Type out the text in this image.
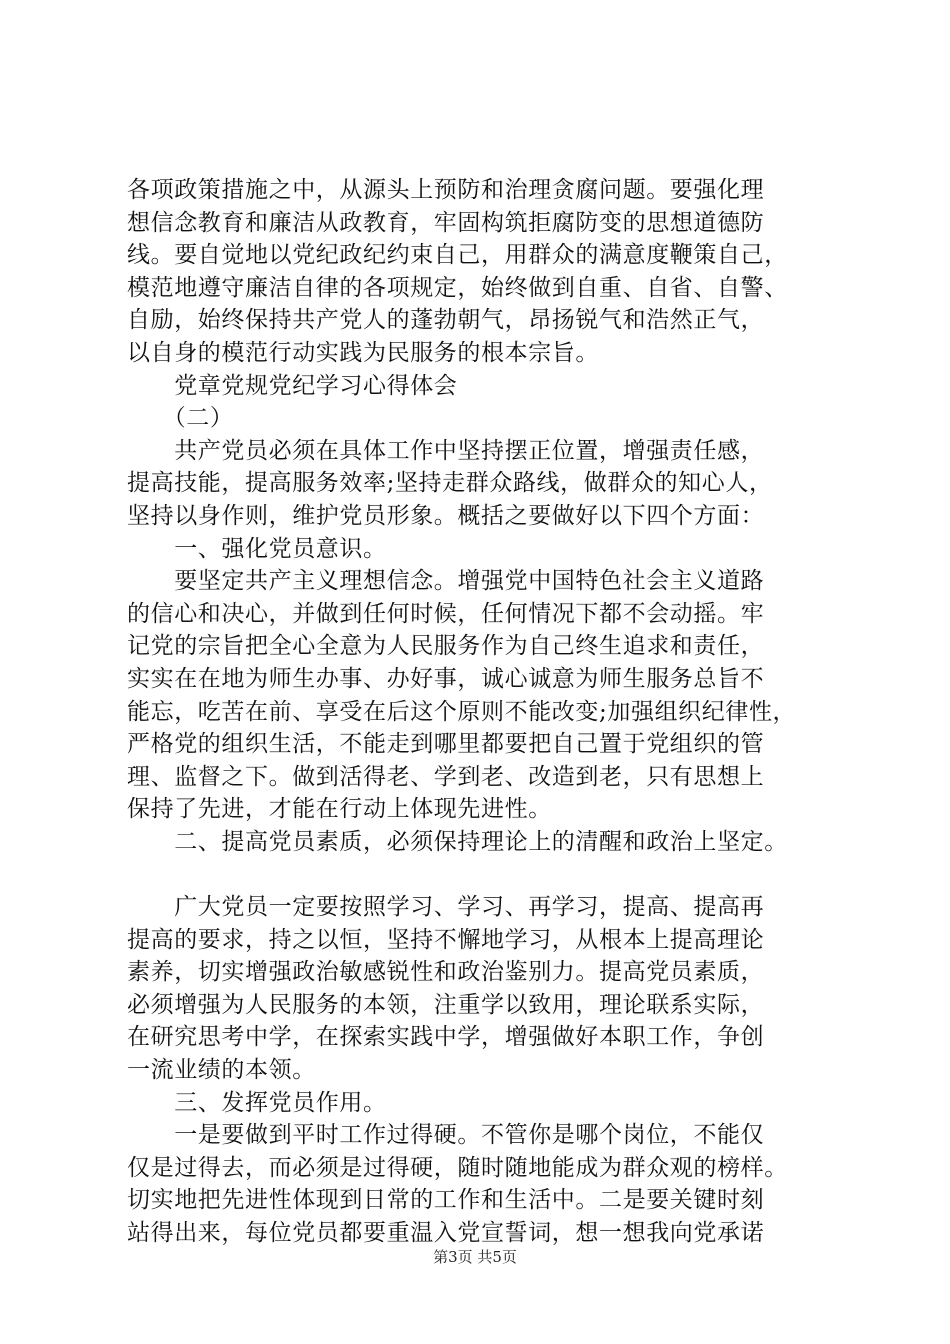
各项政策措施之中，从源头上预防和治理贪腐问题。要强化理
想信念教育和廉洁从政教育，牢固构筑拒腐防变的思想道德防
线。要自觉地以党纪政纪约束自己，用群众的满意度鞭策自己，
模范地遵守廉洁自律的各项规定，始终做到自重、自省、自警、
自励，始终保持共产党人的蓬勃朝气，昂扬锐气和浩然正气，
以自身的模范行动实践为民服务的根本宗旨。
　　党章党规党纪学习心得体会
　　（二）
　　共产党员必须在具体工作中坚持摆正位置，增强责任感，
提高技能，提高服务效率;坚持走群众路线，做群众的知心人，
坚持以身作则，维护党员形象。概括之要做好以下四个方面：
　　一、强化党员意识。
　　要坚定共产主义理想信念。增强党中国特色社会主义道路
的信心和决心，并做到任何时候，任何情况下都不会动摇。牢
记党的宗旨把全心全意为人民服务作为自己终生追求和责任，
实实在在地为师生办事、办好事，诚心诚意为师生服务总旨不
能忘，吃苦在前、享受在后这个原则不能改变;加强组织纪律性，
严格党的组织生活，不能走到哪里都要把自己置于党组织的管
理、监督之下。做到活得老、学到老、改造到老，只有思想上
保持了先进，才能在行动上体现先进性。
　　二、提高党员素质，必须保持理论上的清醒和政治上坚定。
　　广大党员一定要按照学习、学习、再学习，提高、提高再
提高的要求，持之以恒，坚持不懈地学习，从根本上提高理论
素养，切实增强政治敏感锐性和政治鉴别力。提高党员素质，
必须增强为人民服务的本领，注重学以致用，理论联系实际，
在研究思考中学，在探索实践中学，增强做好本职工作，争创
一流业绩的本领。
　　三、发挥党员作用。
　　一是要做到平时工作过得硬。不管你是哪个岗位，不能仅
仅是过得去，而必须是过得硬，随时随地能成为群众观的榜样。
切实地把先进性体现到日常的工作和生活中。二是要关键时刻
站得出来，每位党员都要重温入党宣誓词，想一想我向党承诺
第3页 共5页
